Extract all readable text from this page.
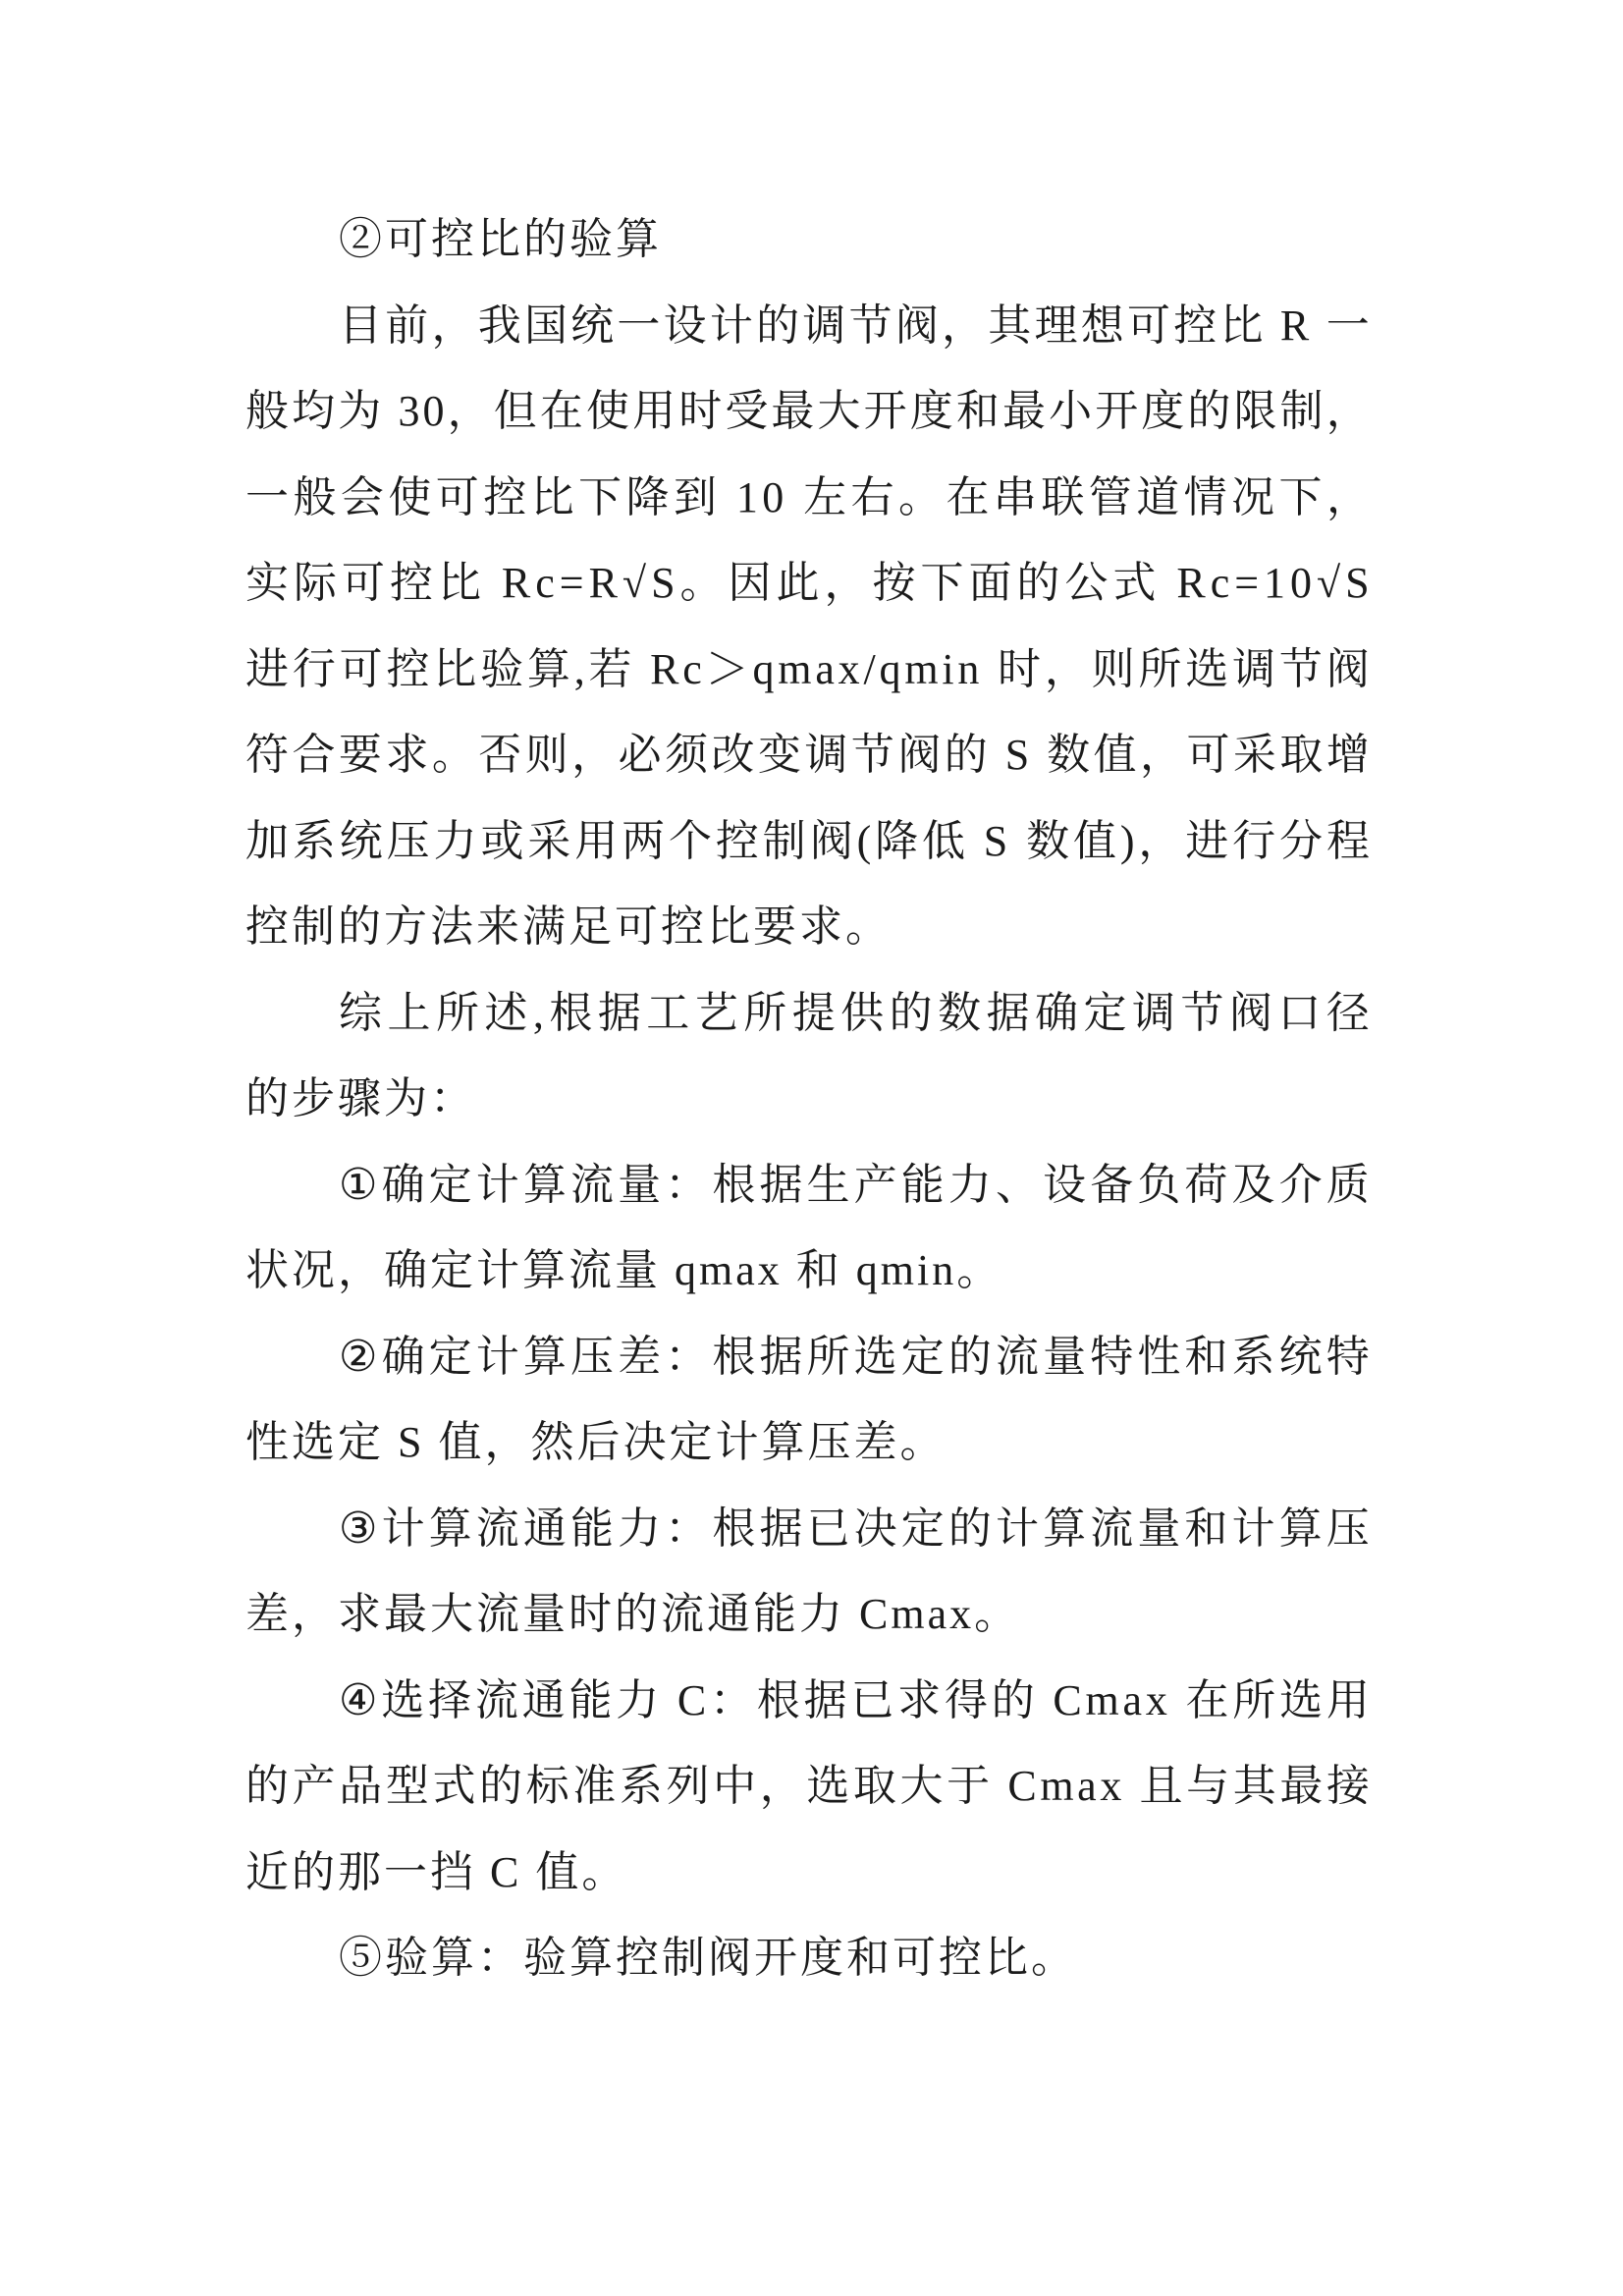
②可控比的验算
目 前 ， 我 国 统 一 设 计 的 调 节 阀 ， 其 理 想 可 控 比
R
一
般 均 为
3 0 ， 但 在 使 用 时 受 最 大 开 度 和 最 小 开 度 的 限 制 ，
一 般 会 使 可 控 比 下 降 到
1 0
左 右 。 在 串 联 管 道 情 况 下 ，
实 际 可 控 比
R c = R √ S 。 因 此 ， 按 下 面 的 公 式
R c = 1 0 √ S
进 行 可 控 比 验 算 , 若
R c ＞ q m a x / q m i n
时 ， 则 所 选 调 节 阀
符 合 要 求 。 否 则 ， 必 须 改 变 调 节 阀 的
S
数 值 ， 可 采 取 增
加 系 统 压 力 或 采 用 两 个 控 制 阀 ( 降 低
S
数 值 ) ， 进 行 分 程
控制的方法来满足可控比要求。
综 上 所 述 , 根 据 工 艺 所 提 供 的 数 据 确 定 调 节 阀 口 径
的步骤为：
① 确 定 计 算 流 量 ： 根 据 生 产 能 力 、 设 备 负 荷 及 介 质
状况，确定计算流量 qmax 和 qmin。
② 确 定 计 算 压 差 ： 根 据 所 选 定 的 流 量 特 性 和 系 统 特
性选定 S 值，然后决定计算压差。
③ 计 算 流 通 能 力 ： 根 据 已 决 定 的 计 算 流 量 和 计 算 压
差，求最大流量时的流通能力 Cmax。
④ 选 择 流 通 能 力
C ： 根 据 已 求 得 的
C m a x
在 所 选 用
的 产 品 型 式 的 标 准 系 列 中 ， 选 取 大 于
C m a x
且 与 其 最 接
近的那一挡 C 值。
⑤验算：验算控制阀开度和可控比。
